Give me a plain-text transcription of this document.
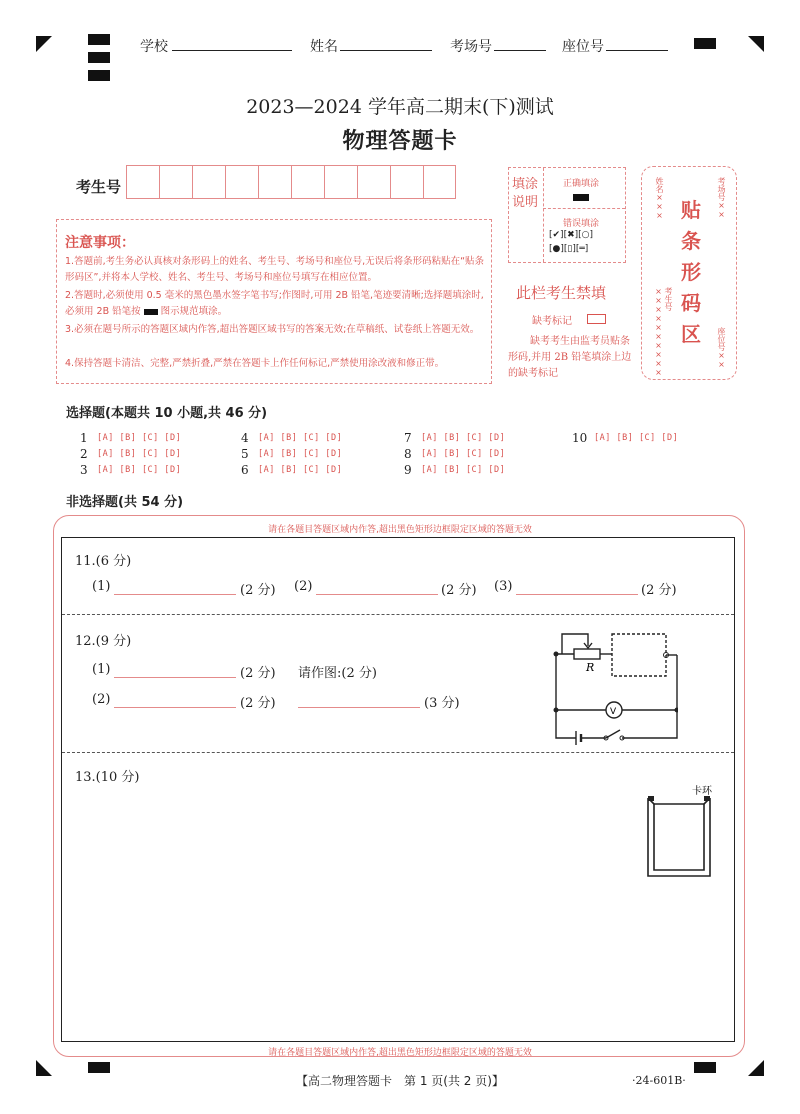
学校	姓名	考场号	座位号
2023—2024 学年高二期末(下)测试
物理答题卡
考生号
注意事项：
1.答题前,考生务必认真核对条形码上的姓名、考生号、考场号和座位号,无误后将条形码粘贴在“贴条形码区”,并将本人学校、姓名、考生号、考场号和座位号填写在相应位置。
2.答题时,必须使用 0.5 毫米的黑色墨水签字笔书写;作图时,可用 2B 铅笔,笔迹要清晰;选择题填涂时,必须用 2B 铅笔按 图示规范填涂。
3.必须在题号所示的答题区域内作答,超出答题区域书写的答案无效;在草稿纸、试卷纸上答题无效。
4.保持答题卡清洁、完整,严禁折叠,严禁在答题卡上作任何标记,严禁使用涂改液和修正带。
填涂说明
正确填涂
错误填涂
[✔][✖][○]
[●][▯][═]
此栏考生禁填
缺考标记
缺考考生由监考员贴条形码,并用 2B 铅笔填涂上边的缺考标记
姓名×××	考场号××
考生号××××××××××	座位号××
贴
条
形
码
区
选择题(本题共 10 小题,共 46 分)
1 [A] [B] [C] [D]
2 [A] [B] [C] [D]
3 [A] [B] [C] [D]
4 [A] [B] [C] [D]
5 [A] [B] [C] [D]
6 [A] [B] [C] [D]
7 [A] [B] [C] [D]
8 [A] [B] [C] [D]
9 [A] [B] [C] [D]
10 [A] [B] [C] [D]
非选择题(共 54 分)
请在各题目答题区域内作答,超出黑色矩形边框限定区域的答题无效
请在各题目答题区域内作答,超出黑色矩形边框限定区域的答题无效
11.(6 分)
(1)	(2 分) (2)	(2 分) (3)	(2 分)
12.(9 分)
(1)	(2 分) 请作图:(2 分)
(2)	(2 分)	(3 分)
R
V
13.(10 分)
卡环
【高二物理答题卡　第 1 页(共 2 页)】	·24-601B·
